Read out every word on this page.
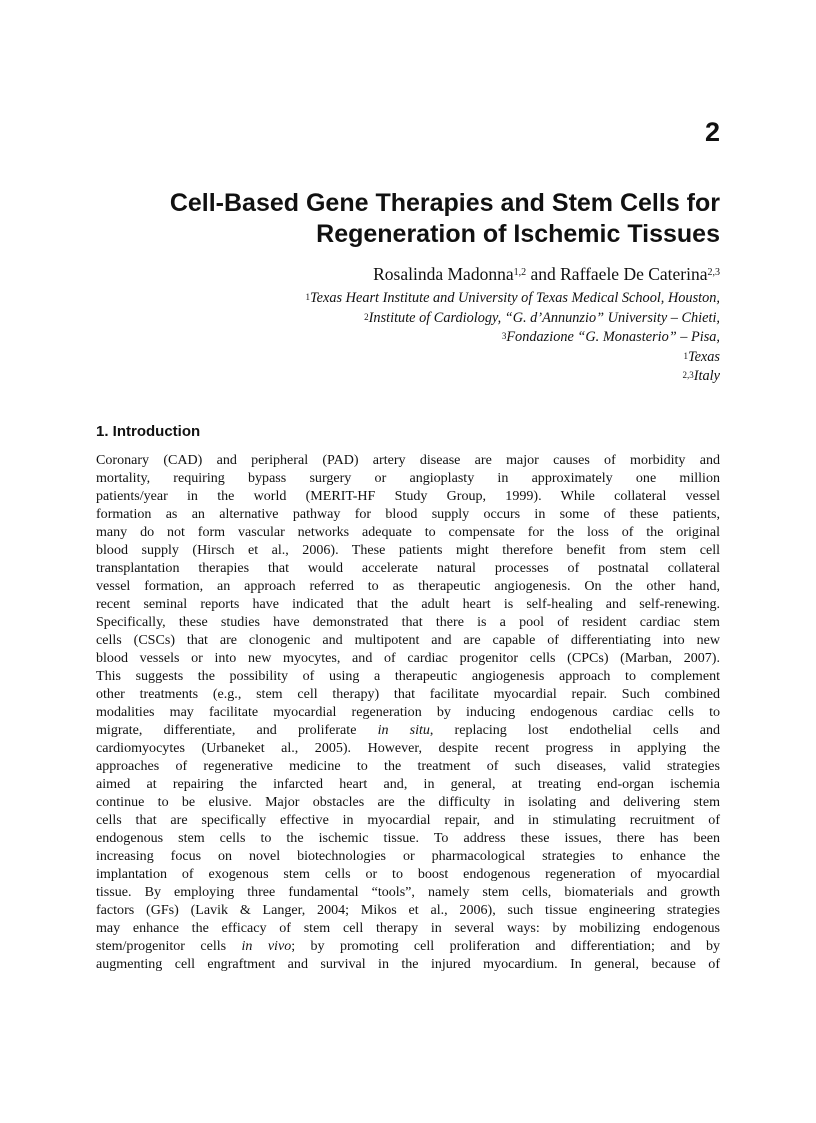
2
Cell-Based Gene Therapies and Stem Cells for
Regeneration of Ischemic Tissues
Rosalinda Madonna$^{1,2}$ and Raffaele De Caterina$^{2,3}$
$^1$Texas Heart Institute and University of Texas Medical School, Houston,
$^2$Institute of Cardiology, “G. d’Annunzio” University – Chieti,
$^3$Fondazione “G. Monasterio” – Pisa,
$^1$Texas
$^{2,3}$Italy
1. Introduction
Coronary (CAD) and peripheral (PAD) artery disease are major causes of morbidity and
mortality, requiring bypass surgery or angioplasty in approximately one million
patients/year in the world (MERIT-HF Study Group, 1999). While collateral vessel
formation as an alternative pathway for blood supply occurs in some of these patients,
many do not form vascular networks adequate to compensate for the loss of the original
blood supply (Hirsch et al., 2006). These patients might therefore benefit from stem cell
transplantation therapies that would accelerate natural processes of postnatal collateral
vessel formation, an approach referred to as therapeutic angiogenesis. On the other hand,
recent seminal reports have indicated that the adult heart is self-healing and self-renewing.
Specifically, these studies have demonstrated that there is a pool of resident cardiac stem
cells (CSCs) that are clonogenic and multipotent and are capable of differentiating into new
blood vessels or into new myocytes, and of cardiac progenitor cells (CPCs) (Marban, 2007).
This suggests the possibility of using a therapeutic angiogenesis approach to complement
other treatments (e.g., stem cell therapy) that facilitate myocardial repair. Such combined
modalities may facilitate myocardial regeneration by inducing endogenous cardiac cells to
migrate, differentiate, and proliferate in situ, replacing lost endothelial cells and
cardiomyocytes (Urbaneket al., 2005). However, despite recent progress in applying the
approaches of regenerative medicine to the treatment of such diseases, valid strategies
aimed at repairing the infarcted heart and, in general, at treating end-organ ischemia
continue to be elusive. Major obstacles are the difficulty in isolating and delivering stem
cells that are specifically effective in myocardial repair, and in stimulating recruitment of
endogenous stem cells to the ischemic tissue. To address these issues, there has been
increasing focus on novel biotechnologies or pharmacological strategies to enhance the
implantation of exogenous stem cells or to boost endogenous regeneration of myocardial
tissue. By employing three fundamental “tools”, namely stem cells, biomaterials and growth
factors (GFs) (Lavik & Langer, 2004; Mikos et al., 2006), such tissue engineering strategies
may enhance the efficacy of stem cell therapy in several ways: by mobilizing endogenous
stem/progenitor cells in vivo; by promoting cell proliferation and differentiation; and by
augmenting cell engraftment and survival in the injured myocardium. In general, because of
